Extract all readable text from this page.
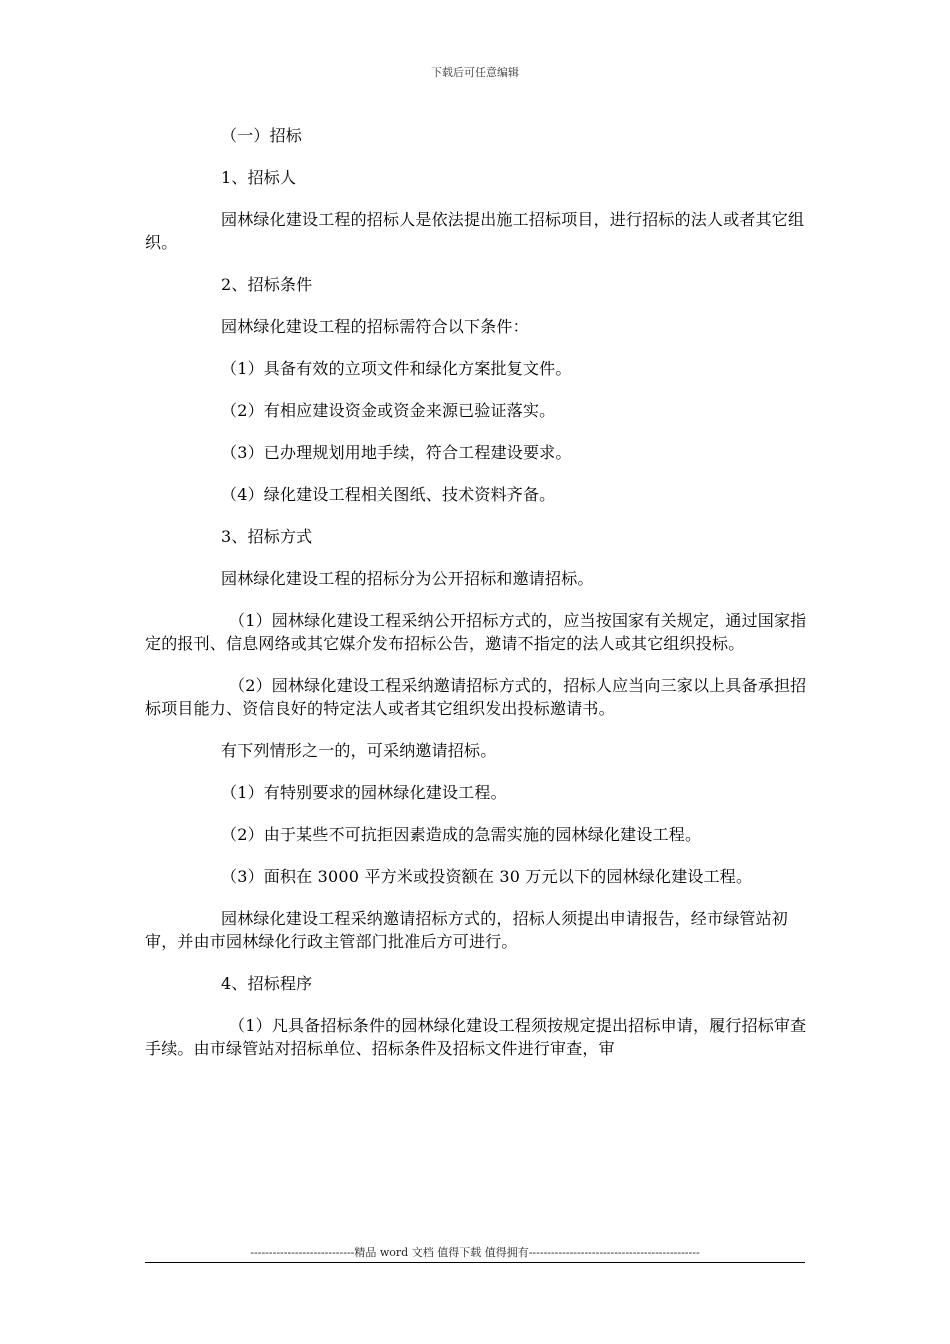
下载后可任意编辑

（一）招标

1、招标人

园林绿化建设工程的招标人是依法提出施工招标项目，进行招标的法人或者其它组织。

2、招标条件

园林绿化建设工程的招标需符合以下条件：

（1）具备有效的立项文件和绿化方案批复文件。

（2）有相应建设资金或资金来源已验证落实。

（3）已办理规划用地手续，符合工程建设要求。

（4）绿化建设工程相关图纸、技术资料齐备。

3、招标方式

园林绿化建设工程的招标分为公开招标和邀请招标。

（1）园林绿化建设工程采纳公开招标方式的，应当按国家有关规定，通过国家指定的报刊、信息网络或其它媒介发布招标公告，邀请不指定的法人或其它组织投标。

（2）园林绿化建设工程采纳邀请招标方式的，招标人应当向三家以上具备承担招标项目能力、资信良好的特定法人或者其它组织发出投标邀请书。

有下列情形之一的，可采纳邀请招标。

（1）有特别要求的园林绿化建设工程。

（2）由于某些不可抗拒因素造成的急需实施的园林绿化建设工程。

（3）面积在 3000 平方米或投资额在 30 万元以下的园林绿化建设工程。

园林绿化建设工程采纳邀请招标方式的，招标人须提出申请报告，经市绿管站初审，并由市园林绿化行政主管部门批准后方可进行。

4、招标程序

（1）凡具备招标条件的园林绿化建设工程须按规定提出招标申请，履行招标审查手续。由市绿管站对招标单位、招标条件及招标文件进行审查，审

----------------------------精品 word 文档 值得下载 值得拥有----------------------------------------------
